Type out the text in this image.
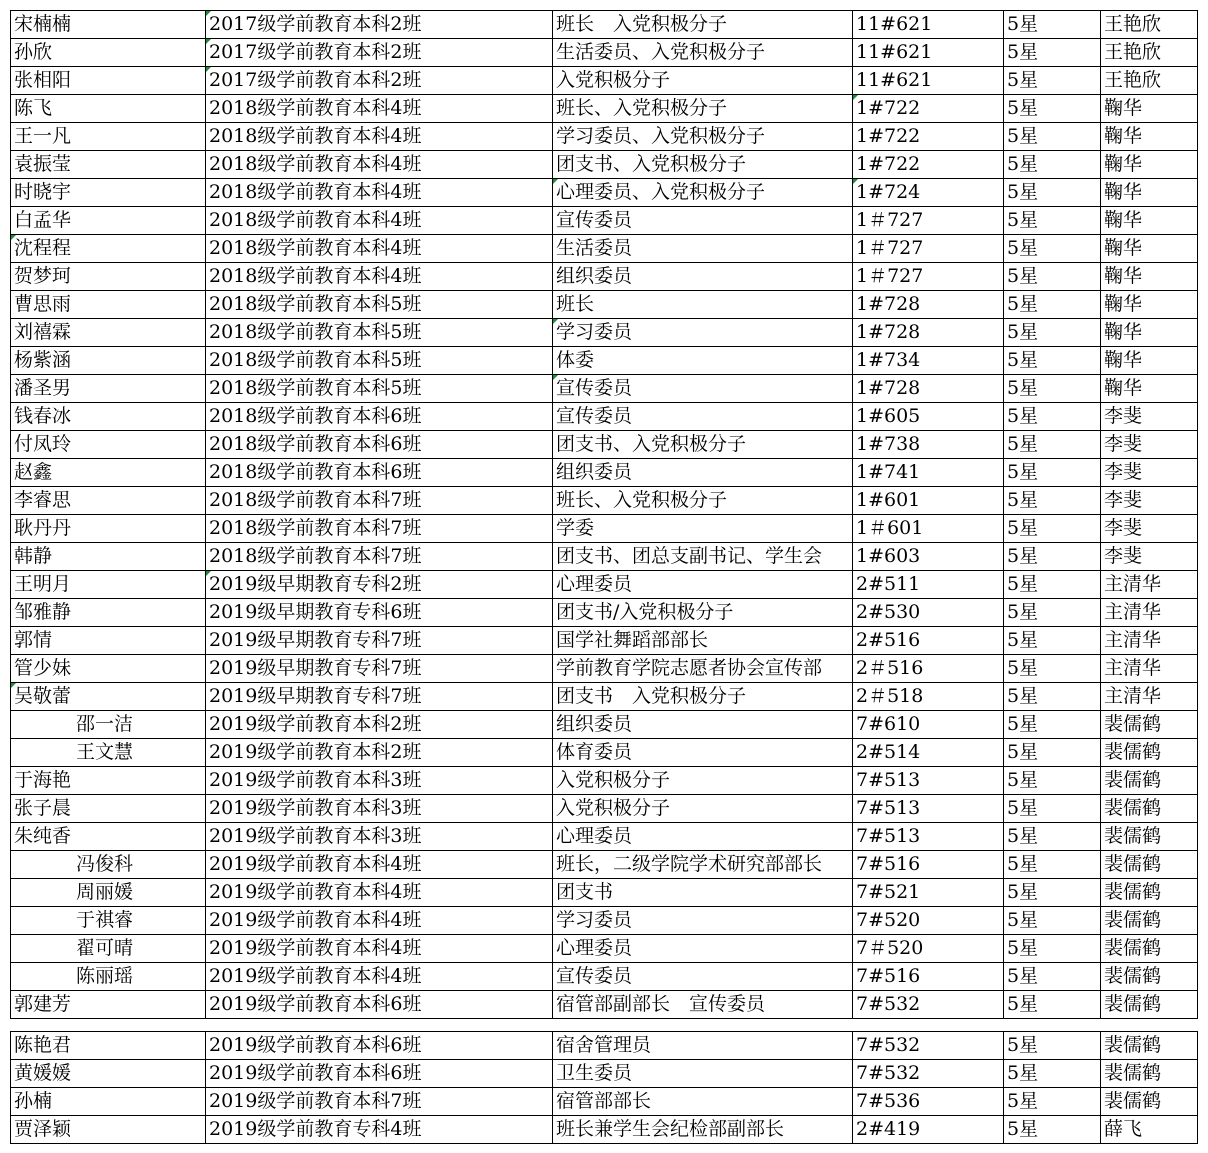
宋楠楠	2017级学前教育本科2班	班长　入党积极分子	11#621	5星	王艳欣
孙欣	2017级学前教育本科2班	生活委员、入党积极分子	11#621	5星	王艳欣
张相阳	2017级学前教育本科2班	入党积极分子	11#621	5星	王艳欣
陈飞	2018级学前教育本科4班	班长、入党积极分子	1#722	5星	鞠华
王一凡	2018级学前教育本科4班	学习委员、入党积极分子	1#722	5星	鞠华
袁振莹	2018级学前教育本科4班	团支书、入党积极分子	1#722	5星	鞠华
时晓宇	2018级学前教育本科4班	心理委员、入党积极分子	1#724	5星	鞠华
白孟华	2018级学前教育本科4班	宣传委员	1＃727	5星	鞠华
沈程程	2018级学前教育本科4班	生活委员	1＃727	5星	鞠华
贺梦珂	2018级学前教育本科4班	组织委员	1＃727	5星	鞠华
曹思雨	2018级学前教育本科5班	班长	1#728	5星	鞠华
刘禧霖	2018级学前教育本科5班	学习委员	1#728	5星	鞠华
杨紫涵	2018级学前教育本科5班	体委	1#734	5星	鞠华
潘圣男	2018级学前教育本科5班	宣传委员	1#728	5星	鞠华
钱春冰	2018级学前教育本科6班	宣传委员	1#605	5星	李斐
付凤玲	2018级学前教育本科6班	团支书、入党积极分子	1#738	5星	李斐
赵鑫	2018级学前教育本科6班	组织委员	1#741	5星	李斐
李睿思	2018级学前教育本科7班	班长、入党积极分子	1#601	5星	李斐
耿丹丹	2018级学前教育本科7班	学委	1＃601	5星	李斐
韩静	2018级学前教育本科7班	团支书、团总支副书记、学生会	1#603	5星	李斐
王明月	2019级早期教育专科2班	心理委员	2#511	5星	主清华
邹雅静	2019级早期教育专科6班	团支书/入党积极分子	2#530	5星	主清华
郭情	2019级早期教育专科7班	国学社舞蹈部部长	2#516	5星	主清华
管少妹	2019级早期教育专科7班	学前教育学院志愿者协会宣传部	2＃516	5星	主清华
吴敬蕾	2019级早期教育专科7班	团支书　入党积极分子	2＃518	5星	主清华
邵一洁	2019级学前教育本科2班	组织委员	7#610	5星	裴儒鹤
王文慧	2019级学前教育本科2班	体育委员	2#514	5星	裴儒鹤
于海艳	2019级学前教育本科3班	入党积极分子	7#513	5星	裴儒鹤
张子晨	2019级学前教育本科3班	入党积极分子	7#513	5星	裴儒鹤
朱纯香	2019级学前教育本科3班	心理委员	7#513	5星	裴儒鹤
冯俊科	2019级学前教育本科4班	班长，二级学院学术研究部部长	7#516	5星	裴儒鹤
周丽媛	2019级学前教育本科4班	团支书	7#521	5星	裴儒鹤
于祺睿	2019级学前教育本科4班	学习委员	7#520	5星	裴儒鹤
翟可晴	2019级学前教育本科4班	心理委员	7＃520	5星	裴儒鹤
陈丽瑶	2019级学前教育本科4班	宣传委员	7#516	5星	裴儒鹤
郭建芳	2019级学前教育本科6班	宿管部副部长　宣传委员	7#532	5星	裴儒鹤

陈艳君	2019级学前教育本科6班	宿舍管理员	7#532	5星	裴儒鹤
黄媛媛	2019级学前教育本科6班	卫生委员	7#532	5星	裴儒鹤
孙楠	2019级学前教育本科7班	宿管部部长	7#536	5星	裴儒鹤
贾泽颖	2019级学前教育专科4班	班长兼学生会纪检部副部长	2#419	5星	薛飞
